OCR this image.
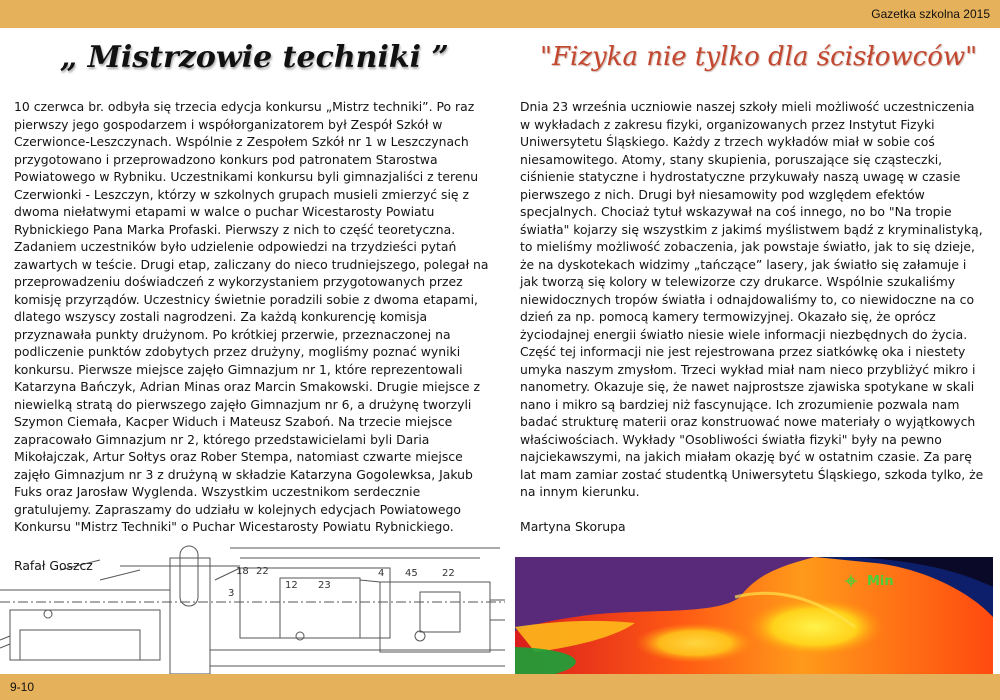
Gazetka szkolna 2015
„ Mistrzowie techniki ”	"Fizyka nie tylko dla ścisłowców"
10 czerwca br. odbyła się trzecia edycja konkursu „Mistrz techniki”. Po raz pierwszy jego gospodarzem i współorganizatorem był Zespół Szkół w Czerwionce-Leszczynach. Wspólnie z Zespołem Szkół nr 1 w Leszczynach przygotowano i przeprowadzono konkurs pod patronatem Starostwa Powiatowego w Rybniku. Uczestnikami konkursu byli gimnazjaliści z terenu Czerwionki - Leszczyn, którzy w szkolnych grupach musieli zmierzyć się z dwoma niełatwymi etapami w walce o puchar Wicestarosty Powiatu Rybnickiego Pana Marka Profaski. Pierwszy z nich to część teoretyczna. Zadaniem uczestników było udzielenie odpowiedzi na trzydzieści pytań zawartych w teście. Drugi etap, zaliczany do nieco trudniejszego, polegał na przeprowadzeniu doświadczeń z wykorzystaniem przygotowanych przez komisję przyrządów. Uczestnicy świetnie poradzili sobie z dwoma etapami, dlatego wszyscy zostali nagrodzeni. Za każdą konkurencję komisja przyznawała punkty drużynom. Po krótkiej przerwie, przeznaczonej na podliczenie punktów zdobytych przez drużyny, mogliśmy poznać wyniki konkursu. Pierwsze miejsce zajęło Gimnazjum nr 1, które reprezentowali Katarzyna Bańczyk, Adrian Minas oraz Marcin Smakowski. Drugie miejsce z niewielką stratą do pierwszego zajęło Gimnazjum nr 6, a drużynę tworzyli Szymon Ciemała, Kacper Widuch i Mateusz Szaboń. Na trzecie miejsce zapracowało Gimnazjum nr 2, którego przedstawicielami byli Daria Mikołajczak, Artur Sołtys oraz Rober Stempa, natomiast czwarte miejsce zajęło Gimnazjum nr 3 z drużyną w składzie Katarzyna Gogolewksa, Jakub Fuks oraz Jarosław Wyglenda. Wszystkim uczestnikom serdecznie gratulujemy. Zapraszamy do udziału w kolejnych edycjach Powiatowego Konkursu "Mistrz Techniki" o Puchar Wicestarosty Powiatu Rybnickiego.
Dnia 23 września uczniowie naszej szkoły mieli możliwość uczestniczenia w wykładach z zakresu fizyki, organizowanych przez Instytut Fizyki Uniwersytetu Śląskiego. Każdy z trzech wykładów miał w sobie coś niesamowitego. Atomy, stany skupienia, poruszające się cząsteczki, ciśnienie statyczne i hydrostatyczne przykuwały naszą uwagę w czasie pierwszego z nich. Drugi był niesamowity pod względem efektów specjalnych. Chociaż tytuł wskazywał na coś innego, no bo "Na tropie światła" kojarzy się wszystkim z jakimś myślistwem bądź z kryminalistyką, to mieliśmy możliwość zobaczenia, jak powstaje światło, jak to się dzieje, że na dyskotekach widzimy „tańczące” lasery, jak światło się załamuje i jak tworzą się kolory w telewizorze czy drukarce. Wspólnie szukaliśmy niewidocznych tropów światła i odnajdowaliśmy to, co niewidoczne na co dzień za np. pomocą kamery termowizyjnej. Okazało się, że oprócz życiodajnej energii światło niesie wiele informacji niezbędnych do życia. Część tej informacji nie jest rejestrowana przez siatkówkę oka i niestety umyka naszym zmysłom. Trzeci wykład miał nam nieco przybliżyć mikro i nanometry. Okazuje się, że nawet najprostsze zjawiska spotykane w skali nano i mikro są bardziej niż fascynujące. Ich zrozumienie pozwala nam badać strukturę materii oraz konstruować nowe materiały o wyjątkowych właściwościach. Wykłady "Osobliwości światła fizyki" były na pewno najciekawszymi, na jakich miałam okazję być w ostatnim czasie. Za parę lat mam zamiar zostać studentką Uniwersytetu Śląskiego, szkoda tylko, że na innym kierunku.
12 23
4 45
18	22
22
3
Rafał Goszcz
Martyna Skorupa
Min
9-10
